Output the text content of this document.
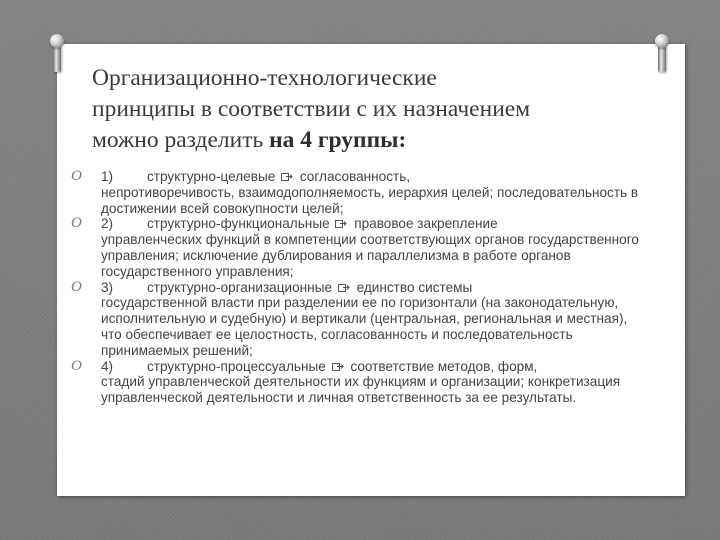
Организационно-технологические
принципы в соответствии с их назначением
можно разделить на 4 группы:
O 1) структурно-целевые согласованность,
непротиворечивость, взаимодополняемость, иерархия целей; последовательность в достижении всей совокупности целей;
O 2) структурно-функциональные правовое закрепление
управленческих функций в компетенции соответствующих органов государственного управления; исключение дублирования и параллелизма в работе органов государственного управления;
O 3) структурно-организационные единство системы
государственной власти при разделении ее по горизонтали (на законодательную, исполнительную и судебную) и вертикали (центральная, региональная и местная), что обеспечивает ее целостность, согласованность и последовательность принимаемых решений;
O 4) структурно-процессуальные соответствие методов, форм,
стадий управленческой деятельности их функциям и организации; конкретизация управленческой деятельности и личная ответственность за ее результаты.
